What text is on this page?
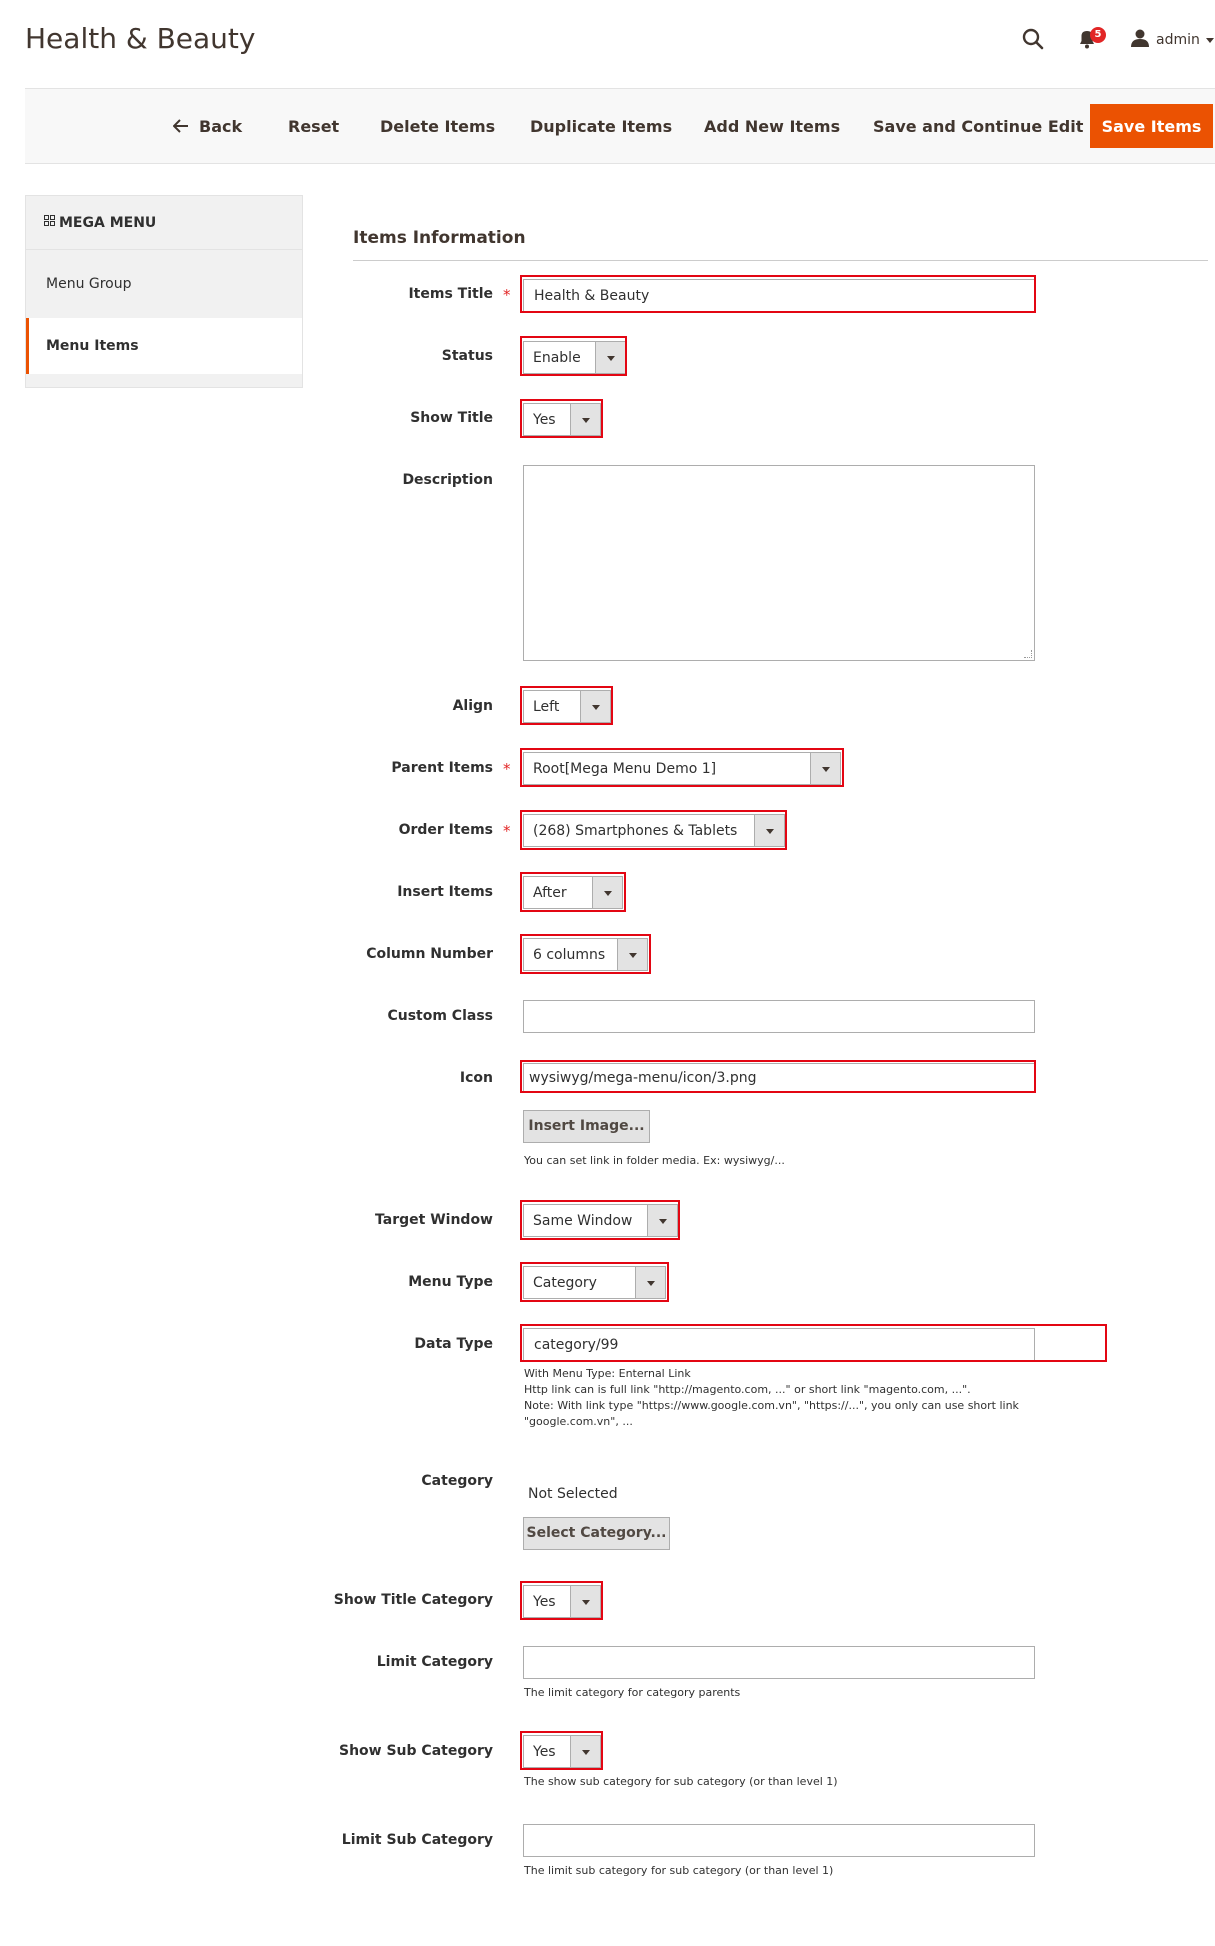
Health & Beauty	5	admin
Back	Reset	Delete Items Duplicate Items Add New Items Save and Continue Edit	Save Items
MEGA MENU
Menu Group
Menu Items
Items Information
Items Title *	Health & Beauty
Status	Enable
Show Title	Yes
Description
Align	Left
Parent Items * Root[Mega Menu Demo 1]
Order Items * (268) Smartphones & Tablets
Insert Items	After
Column Number	6 columns
Custom Class
Icon	wysiwyg/mega-menu/icon/3.png
Insert Image...
You can set link in folder media. Ex: wysiwyg/...
Target Window	Same Window
Menu Type	Category
Data Type	category/99
With Menu Type: Enternal Link
Http link can is full link "http://magento.com, ..." or short link "magento.com, ...".
Note: With link type "https://www.google.com.vn", "https://...", you only can use short link
"google.com.vn", ...
Category
Not Selected
Select Category...
Show Title Category	Yes
Limit Category
The limit category for category parents
Show Sub Category	Yes
The show sub category for sub category (or than level 1)
Limit Sub Category
The limit sub category for sub category (or than level 1)
